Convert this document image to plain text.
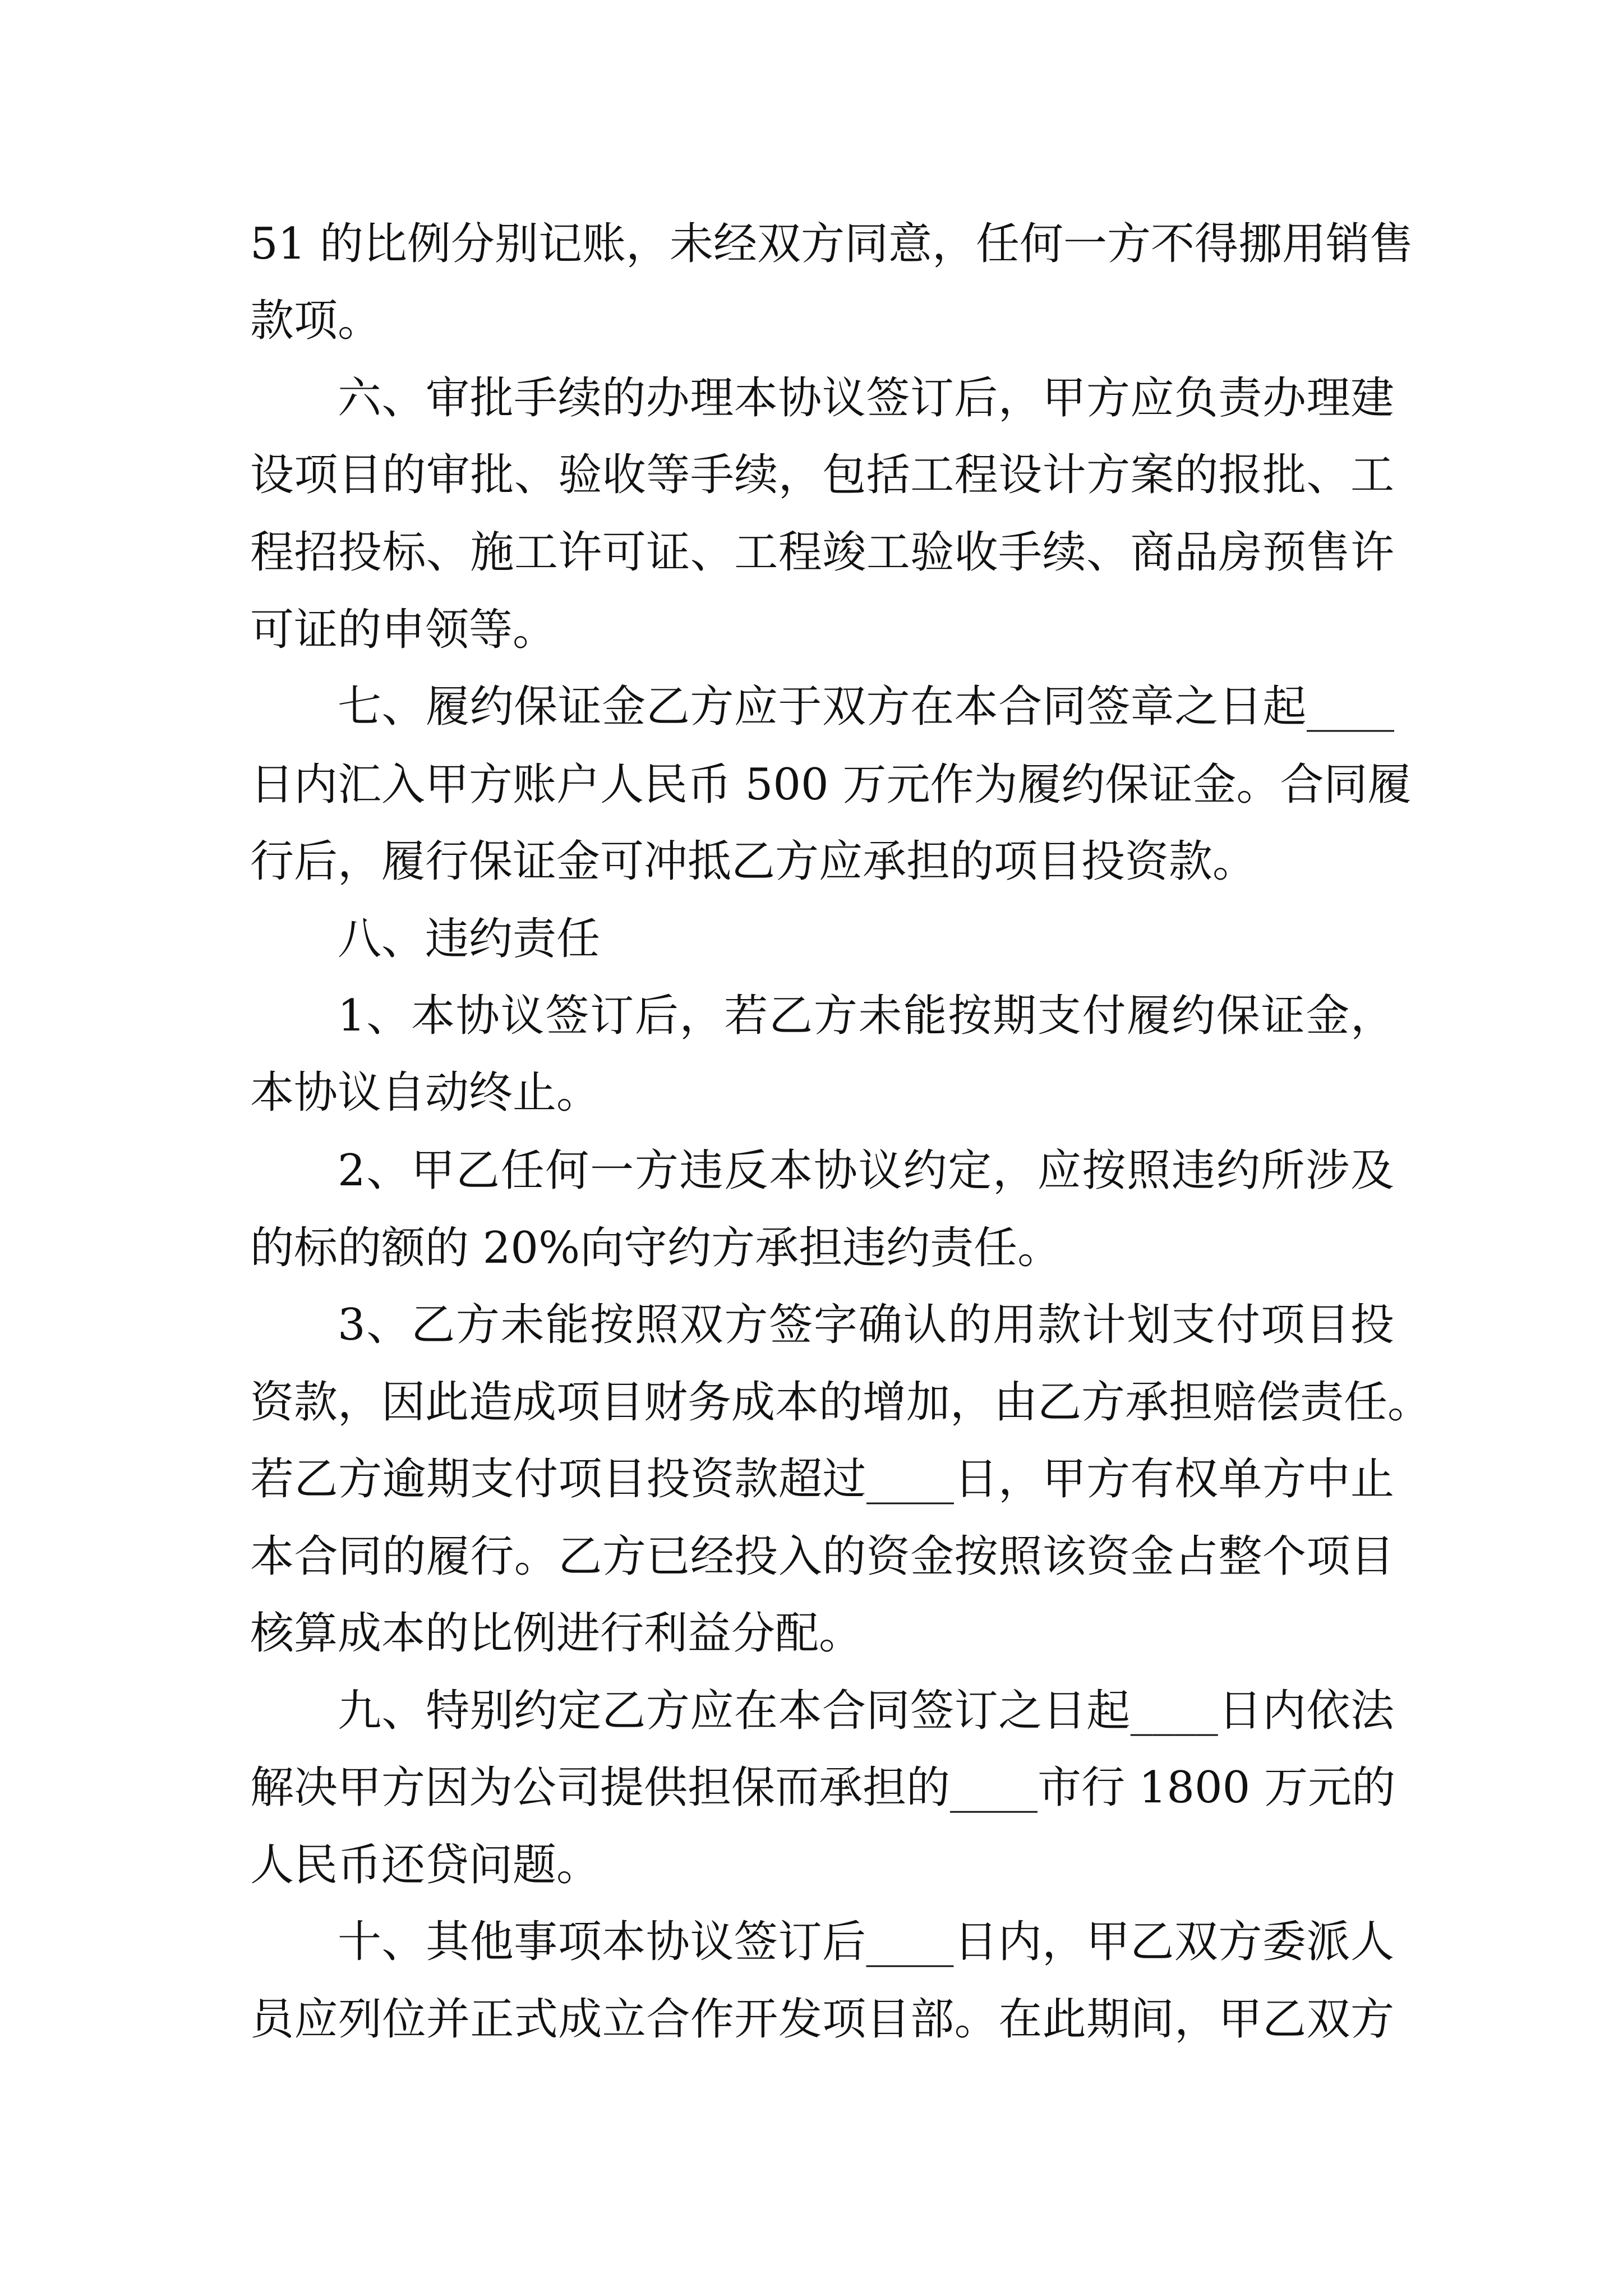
51 的比例分别记账，未经双方同意，任何一方不得挪用销售
款项。
六、审批手续的办理本协议签订后，甲方应负责办理建
设项目的审批、验收等手续，包括工程设计方案的报批、工
程招投标、施工许可证、工程竣工验收手续、商品房预售许
可证的申领等。
七、履约保证金乙方应于双方在本合同签章之日起____
日内汇入甲方账户人民币 500 万元作为履约保证金。合同履
行后，履行保证金可冲抵乙方应承担的项目投资款。
八、违约责任
1、本协议签订后，若乙方未能按期支付履约保证金，
本协议自动终止。
2、甲乙任何一方违反本协议约定，应按照违约所涉及
的标的额的 20%向守约方承担违约责任。
3、乙方未能按照双方签字确认的用款计划支付项目投
资款，因此造成项目财务成本的增加，由乙方承担赔偿责任。
若乙方逾期支付项目投资款超过____日，甲方有权单方中止
本合同的履行。乙方已经投入的资金按照该资金占整个项目
核算成本的比例进行利益分配。
九、特别约定乙方应在本合同签订之日起____日内依法
解决甲方因为公司提供担保而承担的____市行 1800 万元的
人民币还贷问题。
十、其他事项本协议签订后____日内，甲乙双方委派人
员应列位并正式成立合作开发项目部。在此期间，甲乙双方
